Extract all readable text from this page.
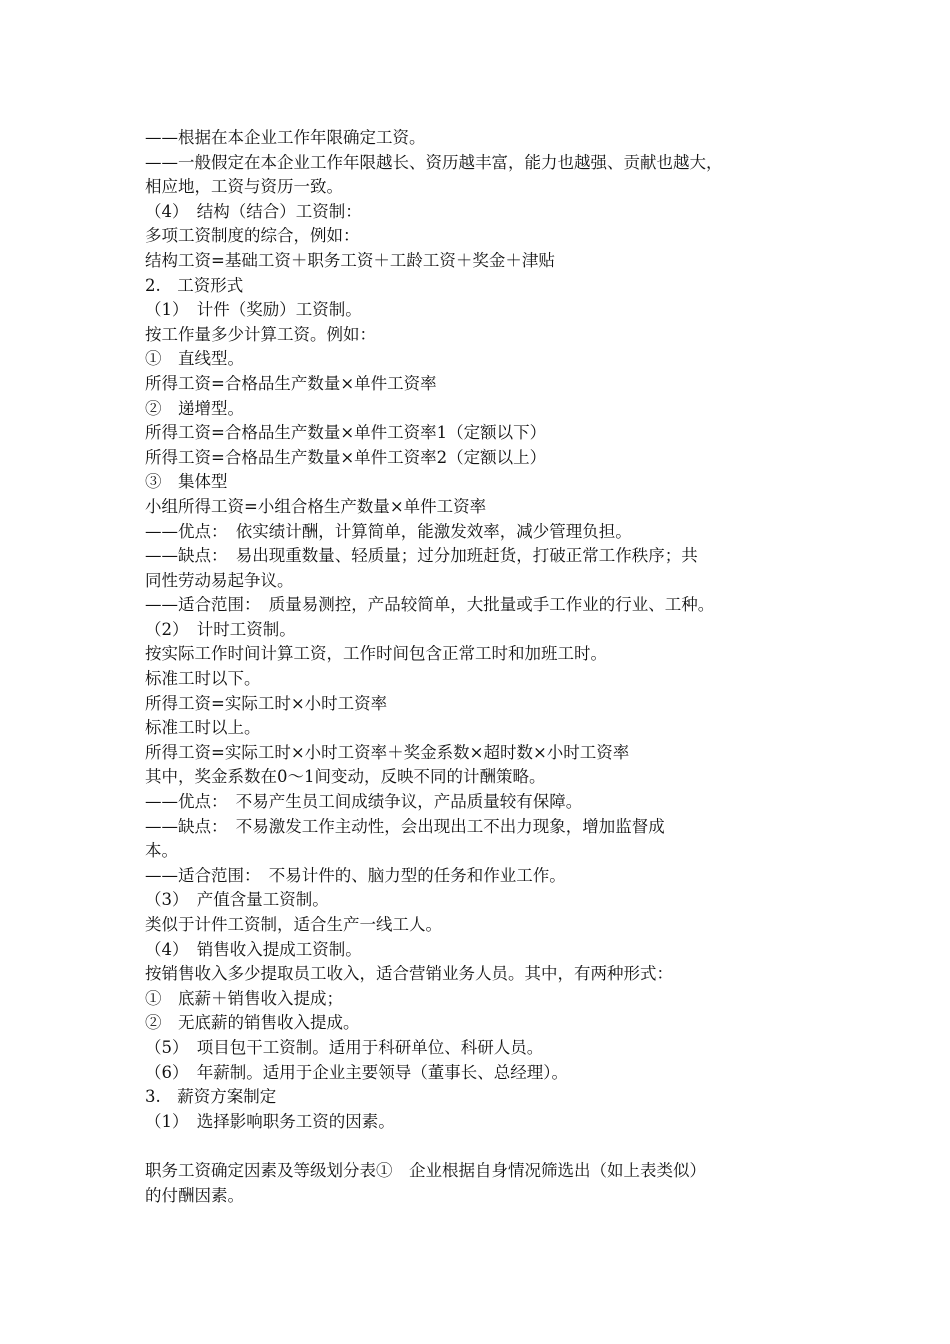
——根据在本企业工作年限确定工资。
——一般假定在本企业工作年限越长、资历越丰富，能力也越强、贡献也越大，
相应地，工资与资历一致。
（4）　结构（结合）工资制：
多项工资制度的综合，例如：
结构工资=基础工资＋职务工资＋工龄工资＋奖金＋津贴
2.　工资形式
（1）　计件（奖励）工资制。
按工作量多少计算工资。例如：
①　直线型。
所得工资=合格品生产数量×单件工资率
②　递增型。
所得工资=合格品生产数量×单件工资率1（定额以下）
所得工资=合格品生产数量×单件工资率2（定额以上）
③　集体型
小组所得工资=小组合格生产数量×单件工资率
——优点：　依实绩计酬，计算简单，能激发效率，减少管理负担。
——缺点：　易出现重数量、轻质量；过分加班赶货，打破正常工作秩序；共
同性劳动易起争议。
——适合范围：　质量易测控，产品较简单，大批量或手工作业的行业、工种。
（2）　计时工资制。
按实际工作时间计算工资，工作时间包含正常工时和加班工时。
标准工时以下。
所得工资=实际工时×小时工资率
标准工时以上。
所得工资=实际工时×小时工资率＋奖金系数×超时数×小时工资率
其中，奖金系数在0～1间变动，反映不同的计酬策略。
——优点：　不易产生员工间成绩争议，产品质量较有保障。
——缺点：　不易激发工作主动性，会出现出工不出力现象，增加监督成
本。
——适合范围：　不易计件的、脑力型的任务和作业工作。
（3）　产值含量工资制。
类似于计件工资制，适合生产一线工人。
（4）　销售收入提成工资制。
按销售收入多少提取员工收入，适合营销业务人员。其中，有两种形式：
①　底薪＋销售收入提成；
②　无底薪的销售收入提成。
（5）　项目包干工资制。适用于科研单位、科研人员。
（6）　年薪制。适用于企业主要领导（董事长、总经理）。
3.　薪资方案制定
（1）　选择影响职务工资的因素。
职务工资确定因素及等级划分表①　企业根据自身情况筛选出（如上表类似）
的付酬因素。
